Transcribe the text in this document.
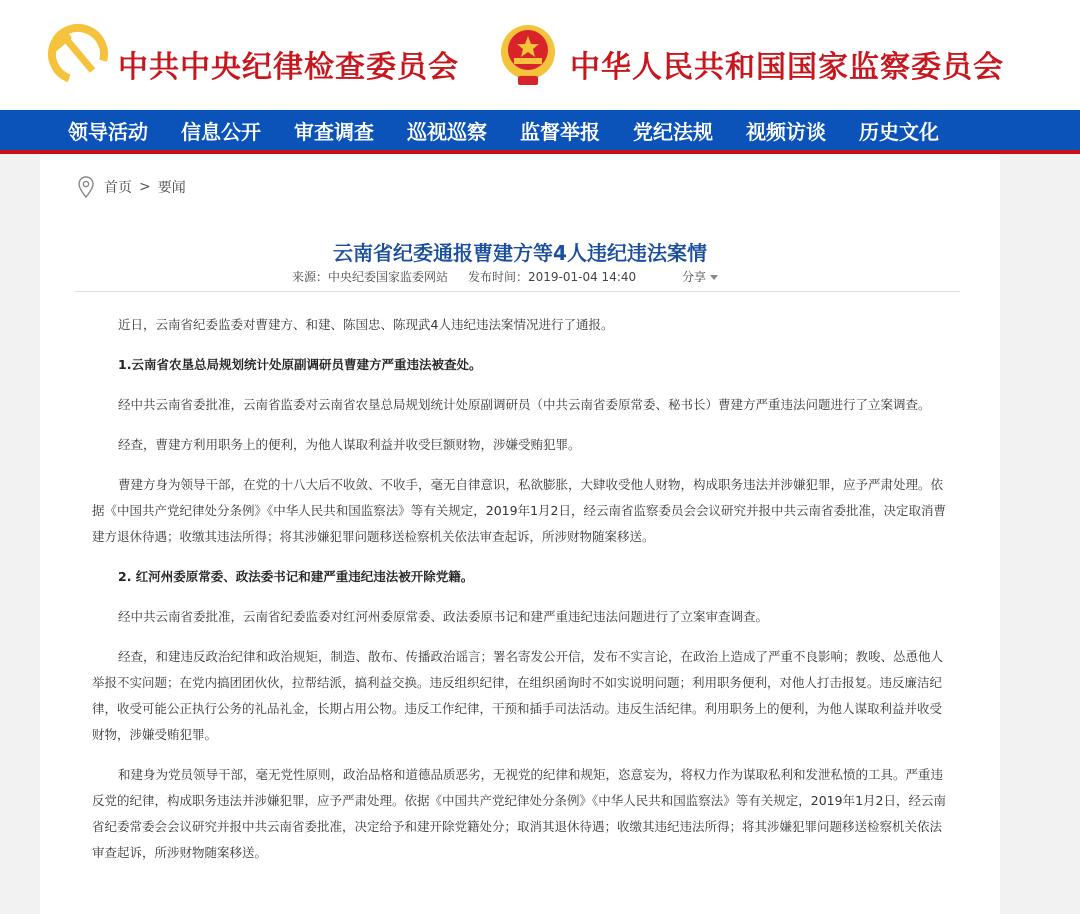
中共中央纪律检查委员会	中华人民共和国国家监察委员会
领导活动 信息公开 审查调查 巡视巡察 监督举报 党纪法规 视频访谈 历史文化
首页 > 要闻
云南省纪委通报曹建方等4人违纪违法案情
来源：中央纪委国家监委网站 发布时间：2019-01-04 14:40	分享

近日，云南省纪委监委对曹建方、和建、陈国忠、陈现武4人违纪违法案情况进行了通报。

1.云南省农垦总局规划统计处原副调研员曹建方严重违法被查处。

经中共云南省委批准，云南省监委对云南省农垦总局规划统计处原副调研员（中共云南省委原常委、秘书长）曹建方严重违法问题进行了立案调查。

经查，曹建方利用职务上的便利，为他人谋取利益并收受巨额财物，涉嫌受贿犯罪。

曹建方身为领导干部，在党的十八大后不收敛、不收手，毫无自律意识，私欲膨胀，大肆收受他人财物，构成职务违法并涉嫌犯罪，应予严肃处理。依据《中国共产党纪律处分条例》《中华人民共和国监察法》等有关规定，2019年1月2日，经云南省监察委员会会议研究并报中共云南省委批准，决定取消曹建方退休待遇；收缴其违法所得；将其涉嫌犯罪问题移送检察机关依法审查起诉，所涉财物随案移送。

2. 红河州委原常委、政法委书记和建严重违纪违法被开除党籍。

经中共云南省委批准，云南省纪委监委对红河州委原常委、政法委原书记和建严重违纪违法问题进行了立案审查调查。

经查，和建违反政治纪律和政治规矩，制造、散布、传播政治谣言；署名寄发公开信，发布不实言论，在政治上造成了严重不良影响；教唆、怂恿他人举报不实问题；在党内搞团团伙伙，拉帮结派，搞利益交换。违反组织纪律，在组织函询时不如实说明问题；利用职务便利，对他人打击报复。违反廉洁纪律，收受可能公正执行公务的礼品礼金，长期占用公物。违反工作纪律，干预和插手司法活动。违反生活纪律。利用职务上的便利，为他人谋取利益并收受财物，涉嫌受贿犯罪。

和建身为党员领导干部，毫无党性原则，政治品格和道德品质恶劣，无视党的纪律和规矩，恣意妄为，将权力作为谋取私利和发泄私愤的工具。严重违反党的纪律，构成职务违法并涉嫌犯罪，应予严肃处理。依据《中国共产党纪律处分条例》《中华人民共和国监察法》等有关规定，2019年1月2日，经云南省纪委常委会会议研究并报中共云南省委批准，决定给予和建开除党籍处分；取消其退休待遇；收缴其违纪违法所得；将其涉嫌犯罪问题移送检察机关依法审查起诉，所涉财物随案移送。
